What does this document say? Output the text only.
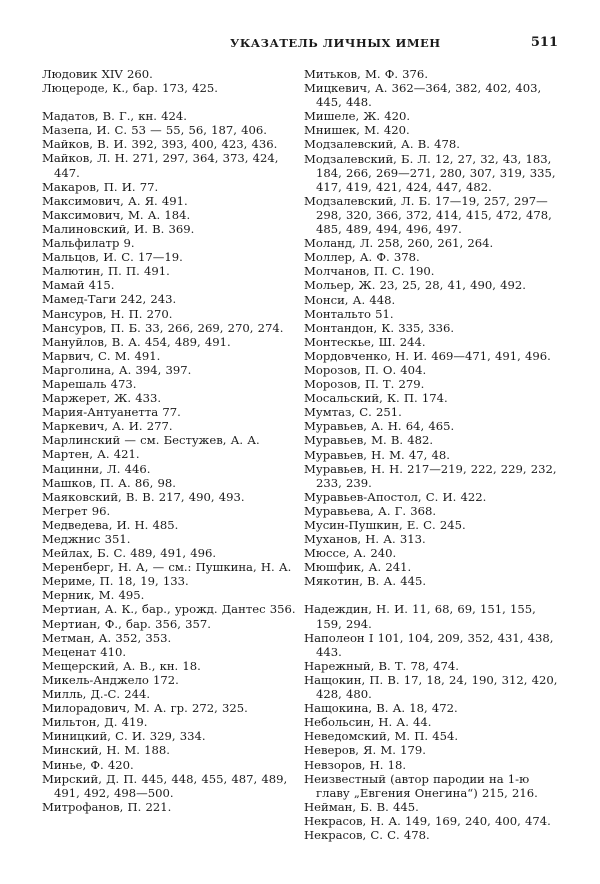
УКАЗАТЕЛЬ ЛИЧНЫХ ИМЕН	511
Людовик XIV 260.
Люцероде, К., бар. 173, 425.
Мадатов, В. Г., кн. 424.
Мазепа, И. С. 53 — 55, 56, 187, 406.
Майков, В. И. 392, 393, 400, 423, 436.
Майков, Л. Н. 271, 297, 364, 373, 424, 447.
Макаров, П. И. 77.
Максимович, А. Я. 491.
Максимович, М. А. 184.
Малиновский, И. В. 369.
Мальфилатр 9.
Мальцов, И. С. 17—19.
Малютин, П. П. 491.
Мамай 415.
Мамед-Таги 242, 243.
Мансуров, Н. П. 270.
Мансуров, П. Б. 33, 266, 269, 270, 274.
Мануйлов, В. А. 454, 489, 491.
Марвич, С. М. 491.
Марголина, А. 394, 397.
Марешаль 473.
Маржерет, Ж. 433.
Мария-Антуанетта 77.
Маркевич, А. И. 277.
Марлинский — см. Бестужев, А. А.
Мартен, А. 421.
Мацинни, Л. 446.
Машков, П. А. 86, 98.
Маяковский, В. В. 217, 490, 493.
Мегрет 96.
Медведева, И. Н. 485.
Меджнис 351.
Мейлах, Б. С. 489, 491, 496.
Меренберг, Н. А, — см.: Пушкина, Н. А.
Мериме, П. 18, 19, 133.
Мерник, М. 495.
Мертиан, А. К., бар., урожд. Дантес 356.
Мертиан, Ф., бар. 356, 357.
Метман, А. 352, 353.
Меценат 410.
Мещерский, А. В., кн. 18.
Микель-Анджело 172.
Милль, Д.-С. 244.
Милорадович, М. А. гр. 272, 325.
Мильтон, Д. 419.
Миницкий, С. И. 329, 334.
Минский, Н. М. 188.
Минье, Ф. 420.
Мирский, Д. П. 445, 448, 455, 487, 489, 491, 492, 498—500.
Митрофанов, П. 221.
Митьков, М. Ф. 376.
Мицкевич, А. 362—364, 382, 402, 403, 445, 448.
Мишеле, Ж. 420.
Мнишек, М. 420.
Модзалевский, А. В. 478.
Модзалевский, Б. Л. 12, 27, 32, 43, 183, 184, 266, 269—271, 280, 307, 319, 335, 417, 419, 421, 424, 447, 482.
Модзалевский, Л. Б. 17—19, 257, 297—298, 320, 366, 372, 414, 415, 472, 478, 485, 489, 494, 496, 497.
Моланд, Л. 258, 260, 261, 264.
Моллер, А. Ф. 378.
Молчанов, П. С. 190.
Мольер, Ж. 23, 25, 28, 41, 490, 492.
Монси, А. 448.
Монтальто 51.
Монтандон, К. 335, 336.
Монтескье, Ш. 244.
Мордовченко, Н. И. 469—471, 491, 496.
Морозов, П. О. 404.
Морозов, П. Т. 279.
Мосальский, К. П. 174.
Мумтаз, С. 251.
Муравьев, А. Н. 64, 465.
Муравьев, М. В. 482.
Муравьев, Н. М. 47, 48.
Муравьев, Н. Н. 217—219, 222, 229, 232, 233, 239.
Муравьев-Апостол, С. И. 422.
Муравьева, А. Г. 368.
Мусин-Пушкин, Е. С. 245.
Муханов, Н. А. 313.
Мюссе, А. 240.
Мюшфик, А. 241.
Мякотин, В. А. 445.
Надеждин, Н. И. 11, 68, 69, 151, 155, 159, 294.
Наполеон I 101, 104, 209, 352, 431, 438, 443.
Нарежный, В. Т. 78, 474.
Нащокин, П. В. 17, 18, 24, 190, 312, 420, 428, 480.
Нащокина, В. А. 18, 472.
Небольсин, Н. А. 44.
Неведомский, М. П. 454.
Неверов, Я. М. 179.
Невзоров, Н. 18.
Неизвестный (автор пародии на 1-ю главу „Евгения Онегина“) 215, 216.
Нейман, Б. В. 445.
Некрасов, Н. А. 149, 169, 240, 400, 474.
Некрасов, С. С. 478.
